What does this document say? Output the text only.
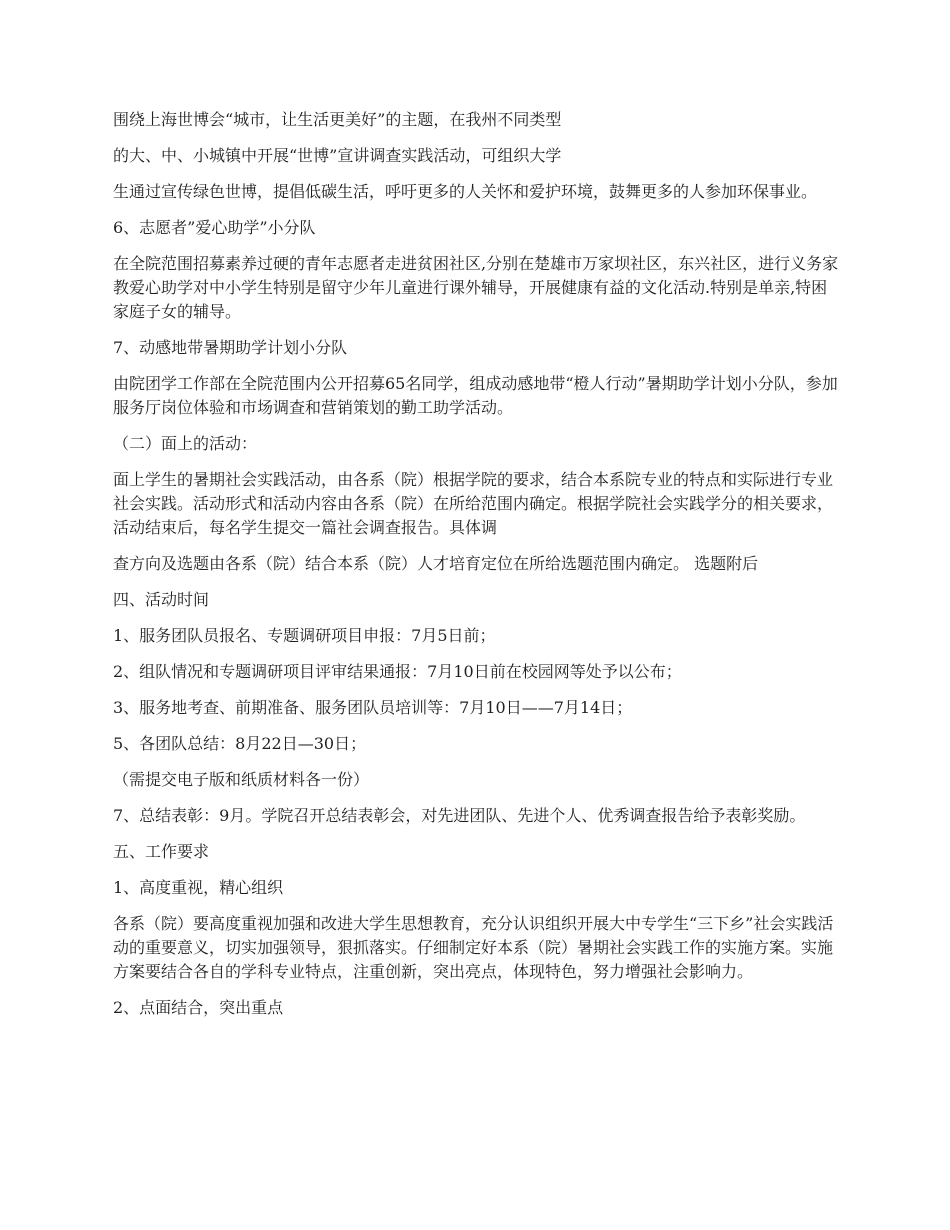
围绕上海世博会“城市，让生活更美好”的主题，在我州不同类型

的大、中、小城镇中开展“世博”宣讲调查实践活动，可组织大学

生通过宣传绿色世博，提倡低碳生活，呼吁更多的人关怀和爱护环境，鼓舞更多的人参加环保事业。

6、志愿者”爱心助学”小分队

在全院范围招募素养过硬的青年志愿者走进贫困社区,分别在楚雄市万家坝社区，东兴社区，进行义务家教爱心助学对中小学生特别是留守少年儿童进行课外辅导，开展健康有益的文化活动.特别是单亲,特困家庭子女的辅导。

7、动感地带暑期助学计划小分队

由院团学工作部在全院范围内公开招募65名同学，组成动感地带“橙人行动”暑期助学计划小分队，参加服务厅岗位体验和市场调查和营销策划的勤工助学活动。

（二）面上的活动：

面上学生的暑期社会实践活动，由各系（院）根据学院的要求，结合本系院专业的特点和实际进行专业社会实践。活动形式和活动内容由各系（院）在所给范围内确定。根据学院社会实践学分的相关要求，活动结束后，每名学生提交一篇社会调查报告。具体调

查方向及选题由各系（院）结合本系（院）人才培育定位在所给选题范围内确定。 选题附后

四、活动时间

1、服务团队员报名、专题调研项目申报：7月5日前；

2、组队情况和专题调研项目评审结果通报：7月10日前在校园网等处予以公布；

3、服务地考查、前期准备、服务团队员培训等：7月10日——7月14日；

5、各团队总结：8月22日—30日；

（需提交电子版和纸质材料各一份）

7、总结表彰：9月。学院召开总结表彰会，对先进团队、先进个人、优秀调查报告给予表彰奖励。

五、工作要求

1、高度重视，精心组织

各系（院）要高度重视加强和改进大学生思想教育，充分认识组织开展大中专学生“三下乡”社会实践活动的重要意义，切实加强领导，狠抓落实。仔细制定好本系（院）暑期社会实践工作的实施方案。实施方案要结合各自的学科专业特点，注重创新，突出亮点，体现特色，努力增强社会影响力。

2、点面结合，突出重点
